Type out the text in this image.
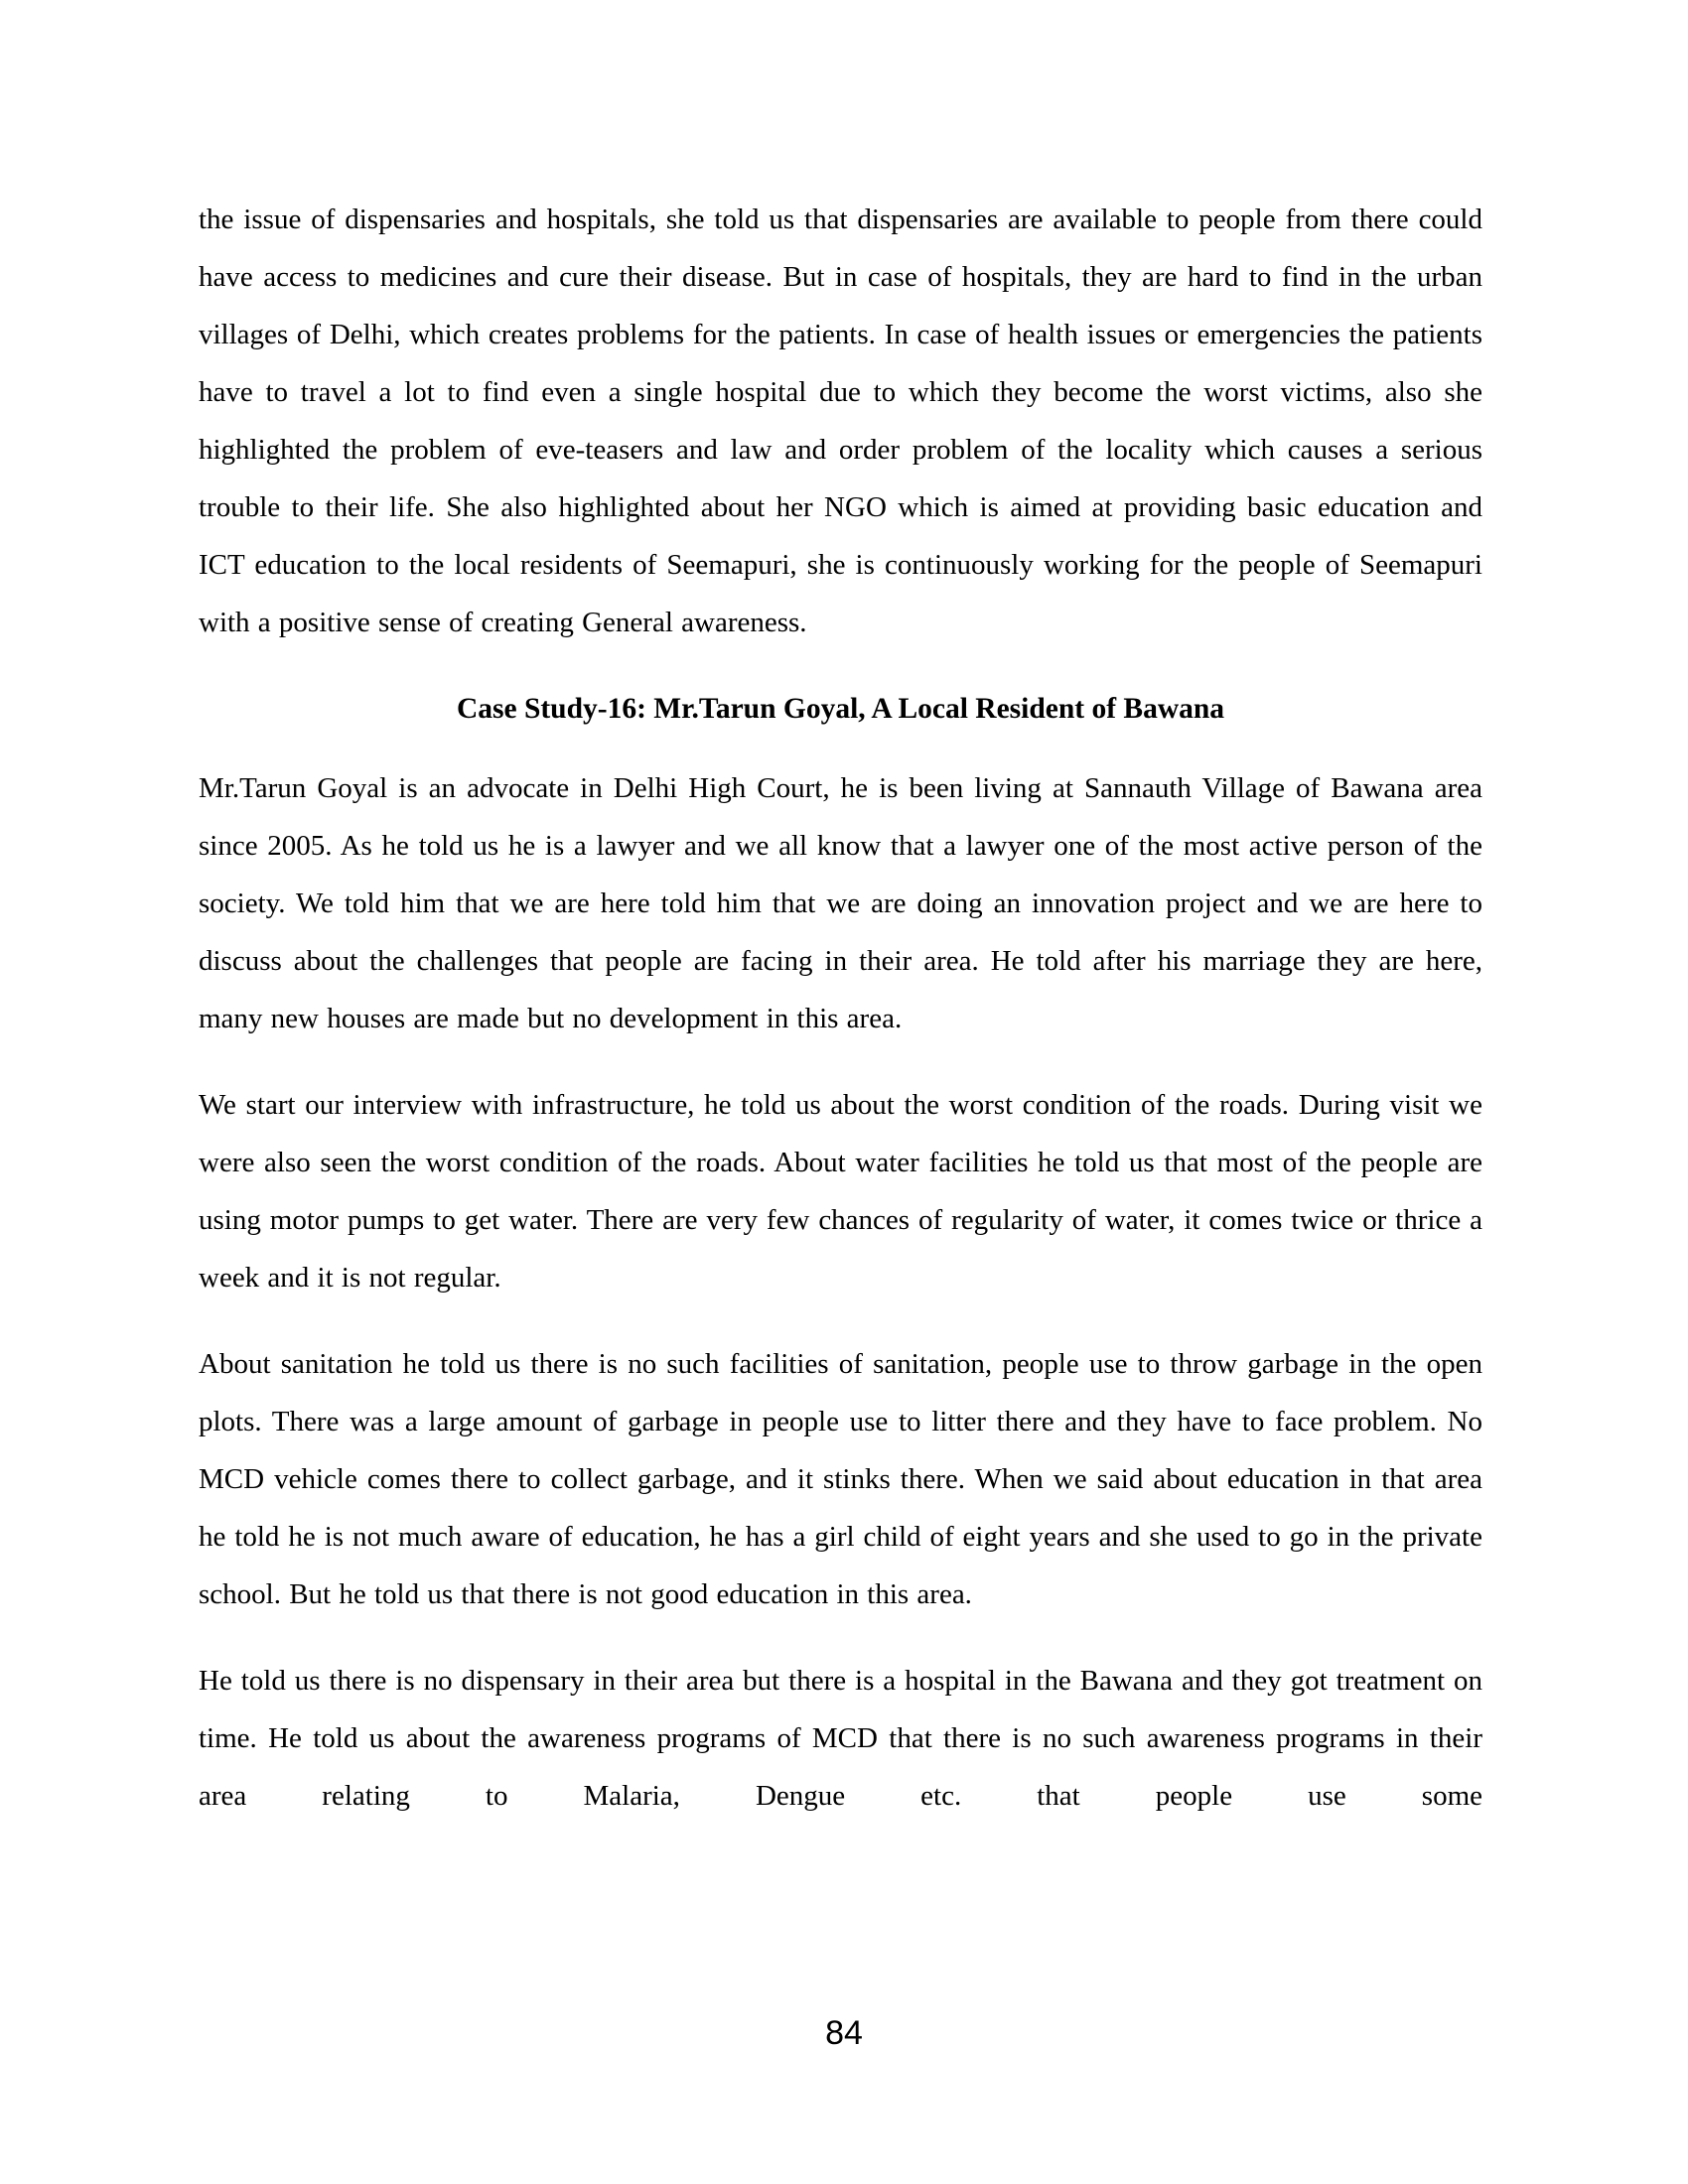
the issue of dispensaries and hospitals, she told us that dispensaries are available to people from there could have access to medicines and cure their disease. But in case of hospitals, they are hard to find in the urban villages of Delhi, which creates problems for the patients. In case of health issues or emergencies the patients have to travel a lot to find even a single hospital due to which they become the worst victims, also she highlighted the problem of eve-teasers and law and order problem of the locality which causes a serious trouble to their life. She also highlighted about her NGO which is aimed at providing basic education and ICT education to the local residents of Seemapuri, she is continuously working for the people of Seemapuri with a positive sense of creating General awareness.

Case Study-16: Mr.Tarun Goyal, A Local Resident of Bawana

Mr.Tarun Goyal is an advocate in Delhi High Court, he is been living at Sannauth Village of Bawana area since 2005. As he told us he is a lawyer and we all know that a lawyer one of the most active person of the society. We told him that we are here told him that we are doing an innovation project and we are here to discuss about the challenges that people are facing in their area. He told after his marriage they are here, many new houses are made but no development in this area.

We start our interview with infrastructure, he told us about the worst condition of the roads. During visit we were also seen the worst condition of the roads. About water facilities he told us that most of the people are using motor pumps to get water. There are very few chances of regularity of water, it comes twice or thrice a week and it is not regular.

About sanitation he told us there is no such facilities of sanitation, people use to throw garbage in the open plots. There was a large amount of garbage in people use to litter there and they have to face problem. No MCD vehicle comes there to collect garbage, and it stinks there. When we said about education in that area he told he is not much aware of education, he has a girl child of eight years and she used to go in the private school. But he told us that there is not good education in this area.

He told us there is no dispensary in their area but there is a hospital in the Bawana and they got treatment on time. He told us about the awareness programs of MCD that there is no such awareness programs in their area relating to Malaria, Dengue etc. that people use some

84
